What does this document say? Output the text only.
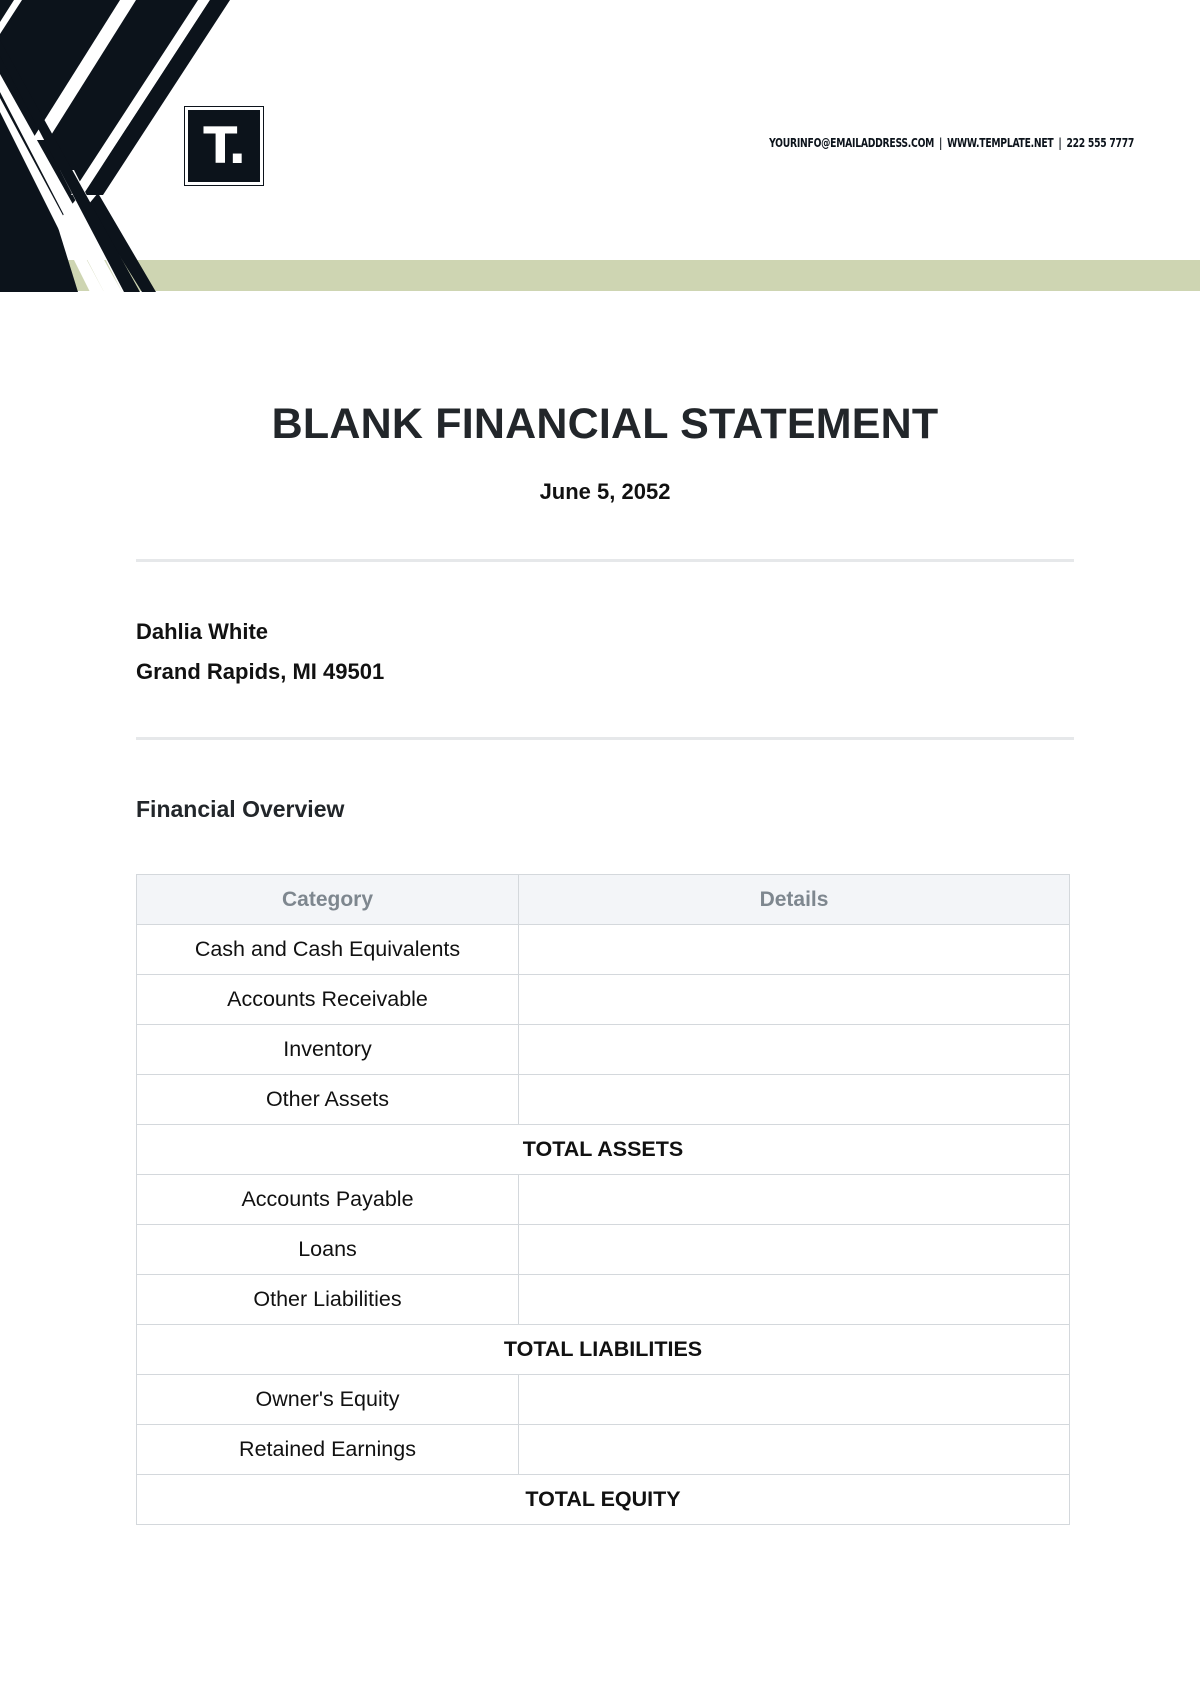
T.	YOURINFO@EMAILADDRESS.COM | WWW.TEMPLATE.NET | 222 555 7777
BLANK FINANCIAL STATEMENT
June 5, 2052
Dahlia White
Grand Rapids, MI 49501
Financial Overview
Category	Details
Cash and Cash Equivalents	
Accounts Receivable	
Inventory	
Other Assets	
TOTAL ASSETS	
Accounts Payable	
Loans	
Other Liabilities	
TOTAL LIABILITIES	
Owner's Equity	
Retained Earnings	
TOTAL EQUITY	
